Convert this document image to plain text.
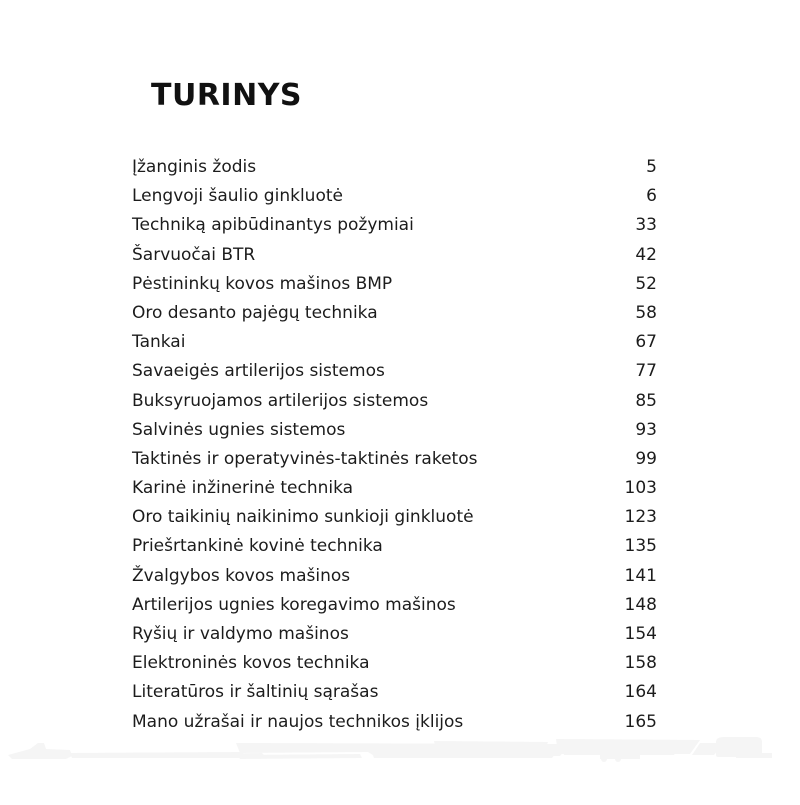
TURINYS
Įžanginis žodis	5
Lengvoji šaulio ginkluotė	6
Techniką apibūdinantys požymiai	33
Šarvuočai BTR	42
Pėstininkų kovos mašinos BMP	52
Oro desanto pajėgų technika	58
Tankai	67
Savaeigės artilerijos sistemos	77
Buksyruojamos artilerijos sistemos	85
Salvinės ugnies sistemos	93
Taktinės ir operatyvinės-taktinės raketos	99
Karinė inžinerinė technika	103
Oro taikinių naikinimo sunkioji ginkluotė	123
Priešrtankinė kovinė technika	135
Žvalgybos kovos mašinos	141
Artilerijos ugnies koregavimo mašinos	148
Ryšių ir valdymo mašinos	154
Elektroninės kovos technika	158
Literatūros ir šaltinių sąrašas	164
Mano užrašai ir naujos technikos įklijos	165
